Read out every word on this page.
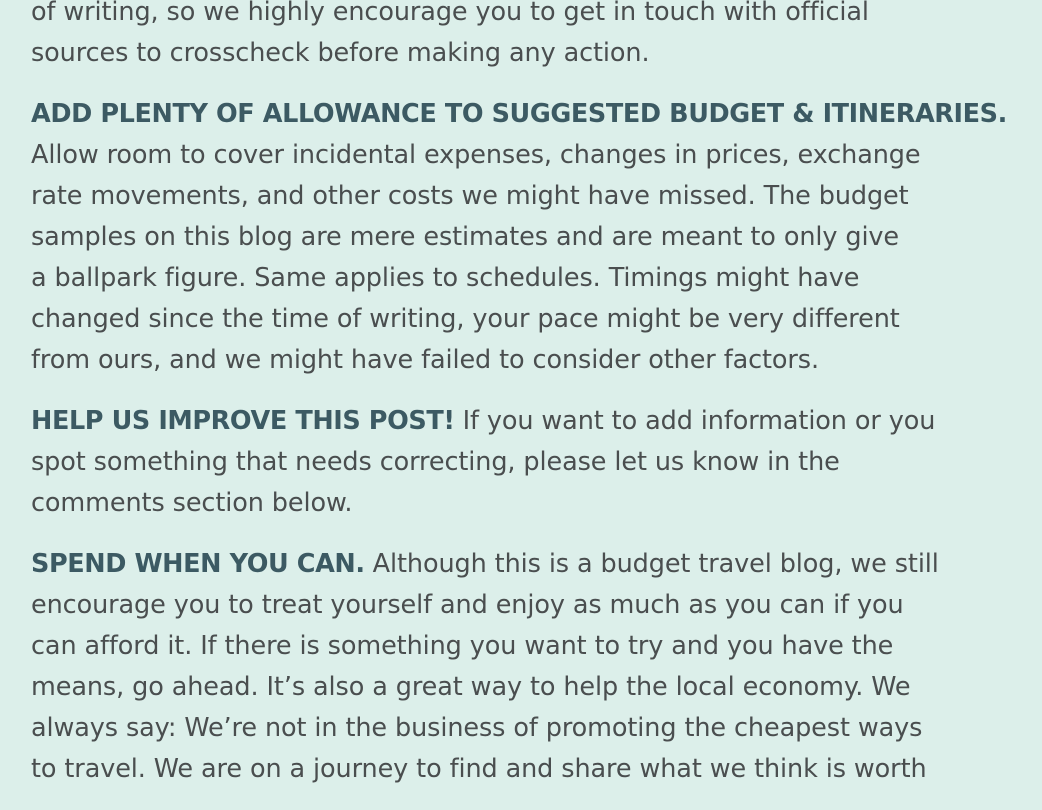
of writing, so we highly encourage you to get in touch with official
sources to crosscheck before making any action.
ADD PLENTY OF ALLOWANCE TO SUGGESTED BUDGET & ITINERARIES.
Allow room to cover incidental expenses, changes in prices, exchange
rate movements, and other costs we might have missed. The budget
samples on this blog are mere estimates and are meant to only give
a ballpark figure. Same applies to schedules. Timings might have
changed since the time of writing, your pace might be very different
from ours, and we might have failed to consider other factors.
HELP US IMPROVE THIS POST! If you want to add information or you
spot something that needs correcting, please let us know in the
comments section below.
SPEND WHEN YOU CAN. Although this is a budget travel blog, we still
encourage you to treat yourself and enjoy as much as you can if you
can afford it. If there is something you want to try and you have the
means, go ahead. It’s also a great way to help the local economy. We
always say: We’re not in the business of promoting the cheapest ways
to travel. We are on a journey to find and share what we think is worth
